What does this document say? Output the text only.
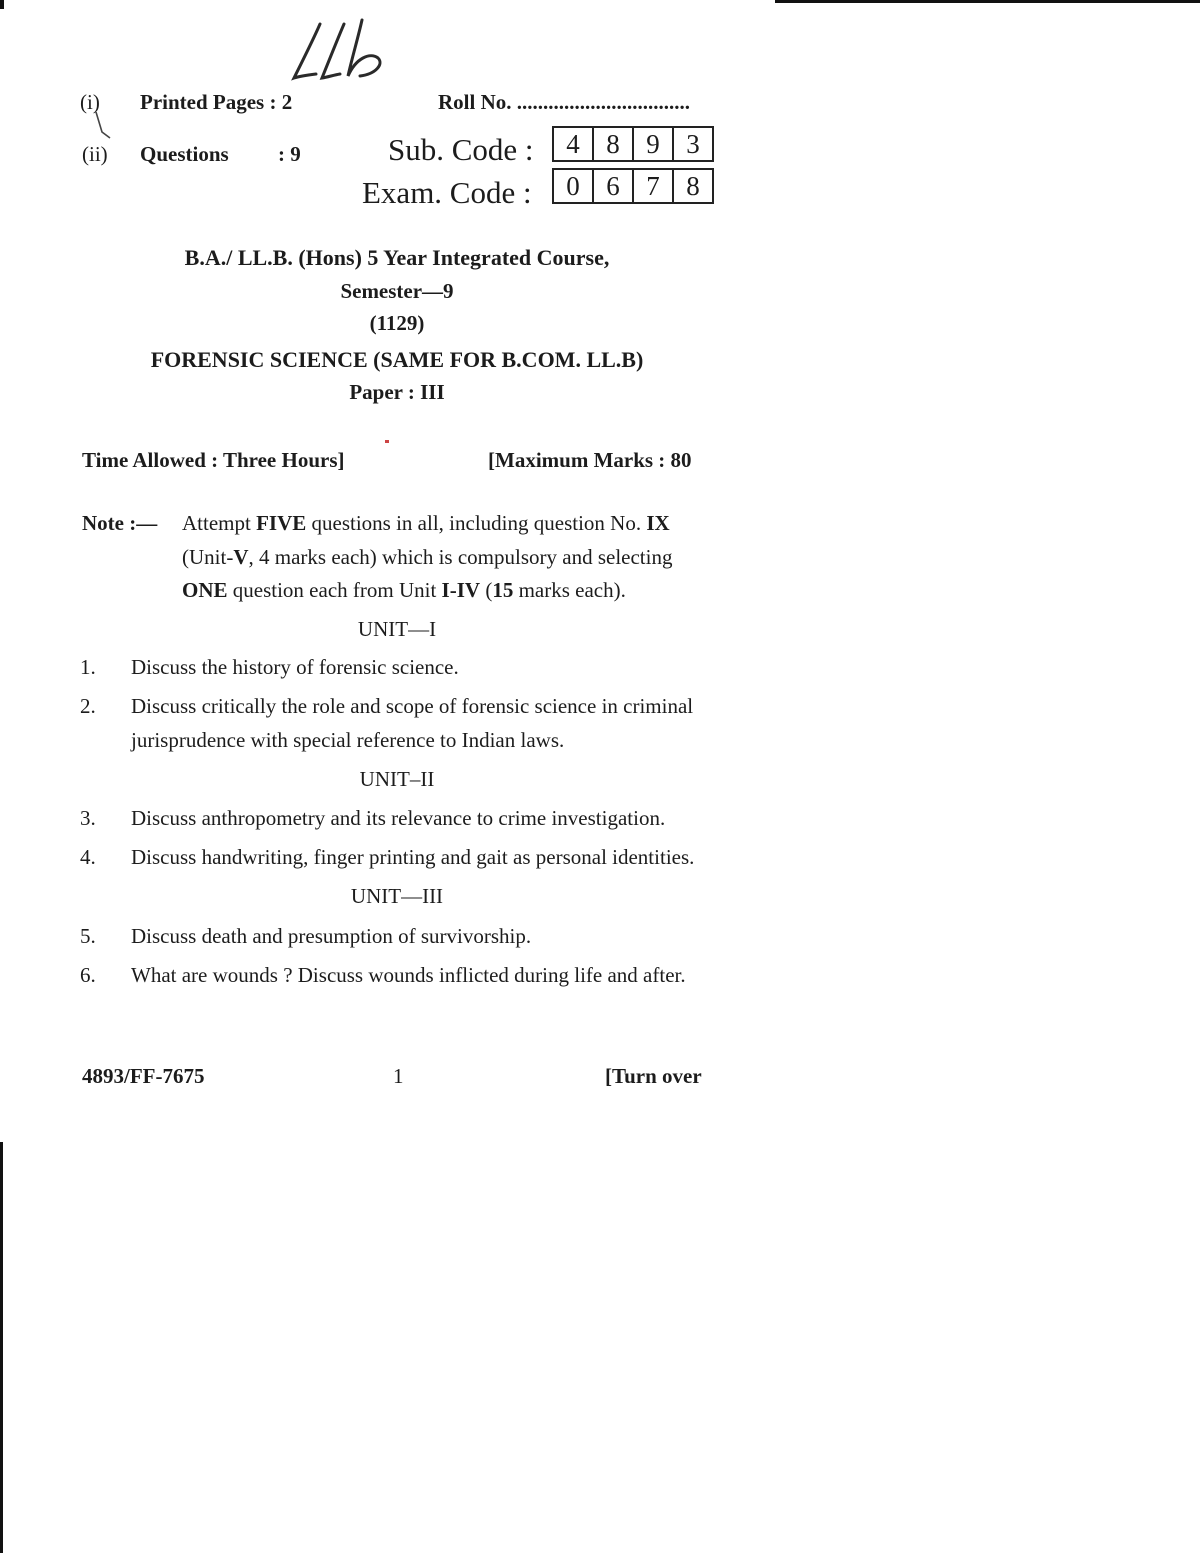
(i) Printed Pages : 2	Roll No. .................................
(ii) Questions : 9	Sub. Code :	4 8 9 3
Exam. Code :	0 6 7 8
B.A./ LL.B. (Hons) 5 Year Integrated Course,
Semester—9
(1129)
FORENSIC SCIENCE (SAME FOR B.COM. LL.B)
Paper : III
Time Allowed : Three Hours]	[Maximum Marks : 80
Note :— Attempt FIVE questions in all, including question No. IX
(Unit-V, 4 marks each) which is compulsory and selecting
ONE question each from Unit I-IV (15 marks each).
UNIT—I
1. Discuss the history of forensic science.
2. Discuss critically the role and scope of forensic science in criminal
jurisprudence with special reference to Indian laws.
UNIT–II
3. Discuss anthropometry and its relevance to crime investigation.
4. Discuss handwriting, finger printing and gait as personal identities.
UNIT—III
5. Discuss death and presumption of survivorship.
6. What are wounds ? Discuss wounds inflicted during life and after.
4893/FF-7675	1	[Turn over
